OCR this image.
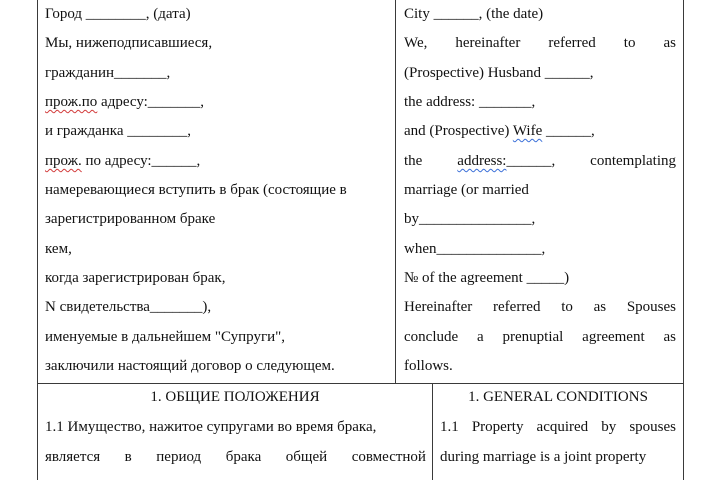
Город ________, (дата)
Мы, нижеподписавшиеся,
гражданин_______,
прож.по адресу:_______,
и гражданка ________,
прож. по адресу:______,
намеревающиеся вступить в брак (состоящие в
зарегистрированном браке
кем,
когда зарегистрирован брак,
N свидетельства_______),
именуемые в дальнейшем "Супруги",
заключили настоящий договор о следующем.
City ______, (the date)
We, hereinafter referred to as
(Prospective) Husband ______,
the address: _______,
and (Prospective) Wife ______,
the address:______, contemplating
marriage (or married
by_______________,
when______________,
№ of the agreement _____)
Hereinafter referred to as Spouses
conclude a prenuptial agreement as
follows.
1. ОБЩИЕ ПОЛОЖЕНИЯ
1.1 Имущество, нажитое супругами во время брака,
является в период брака общей совместной
1. GENERAL CONDITIONS
1.1 Property acquired by spouses
during marriage is a joint property
